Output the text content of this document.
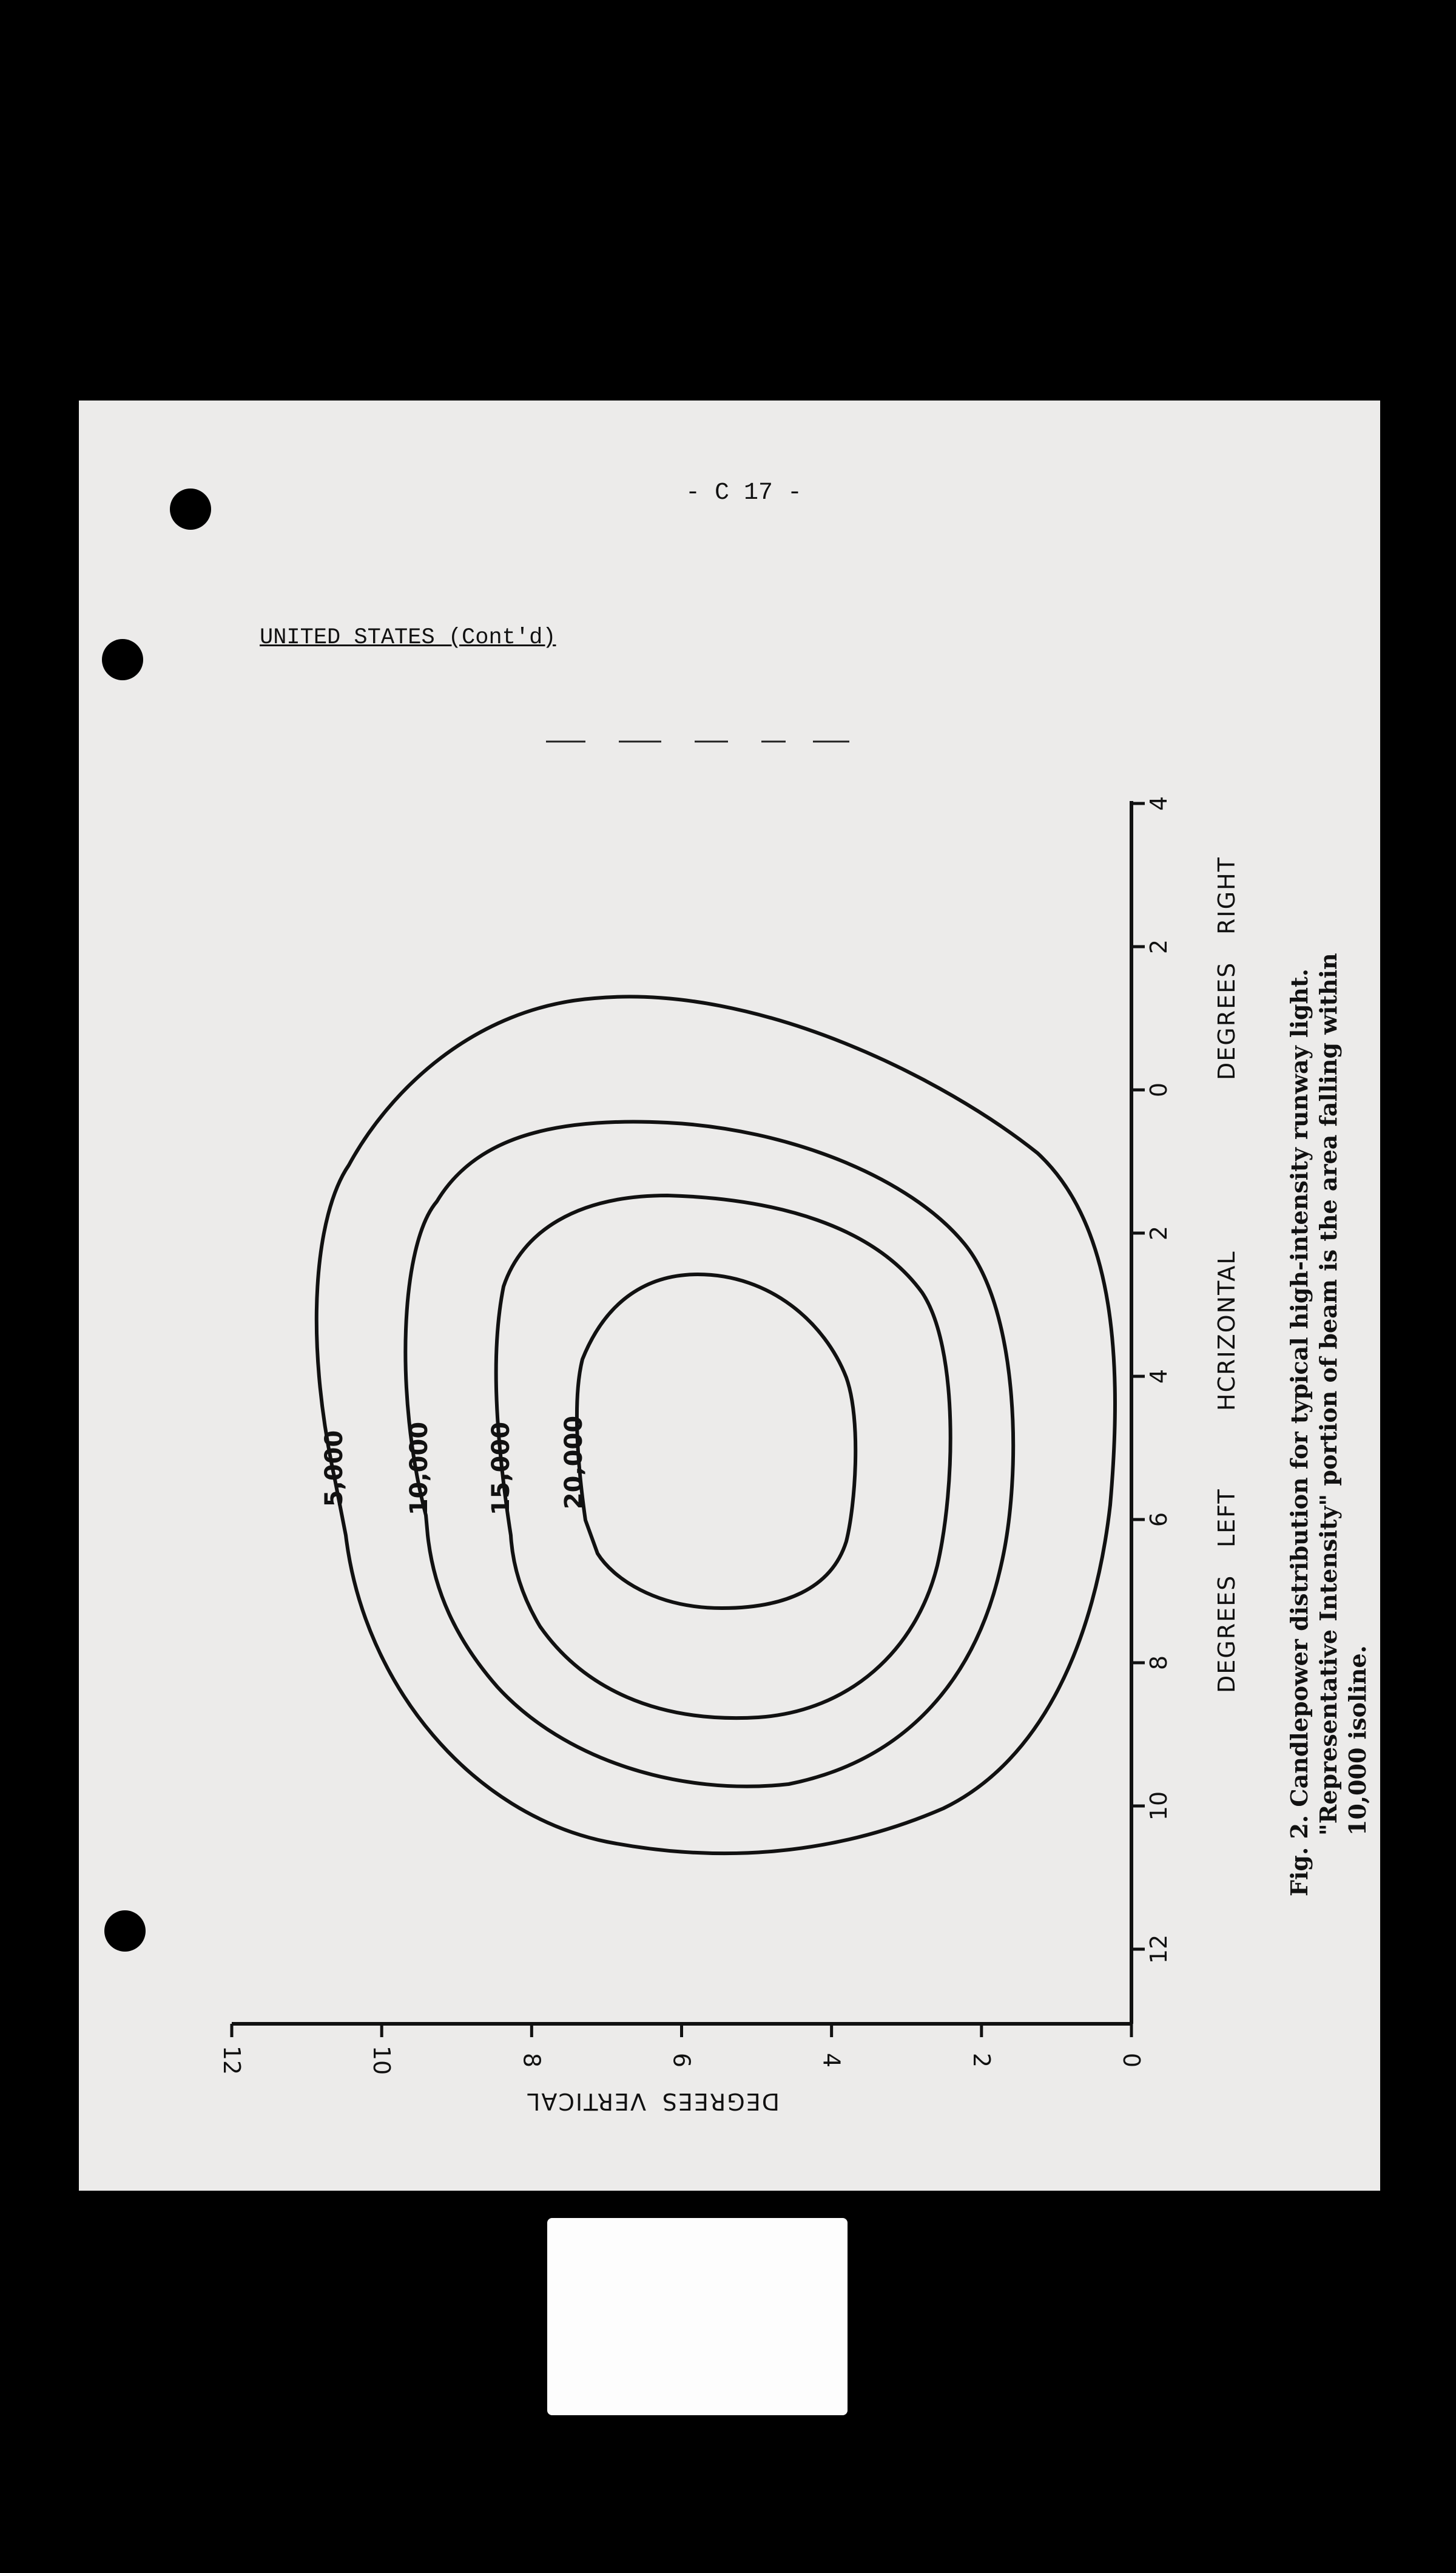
- C 17 -
UNITED STATES (Cont'd)
12
10
8
6
4
2
0
2
4
0
2
4
6
8
10
12
DEGREES
LEFT
HCRIZONTAL
DEGREES
RIGHT
DEGREES
VERTICAL
5,000 10,000 15,000 20,000	Fig. 2. Candlepower distribution for typical high-intensity runway light. "Representative Intensity" portion of beam is the area falling within 10,000 isoline.
